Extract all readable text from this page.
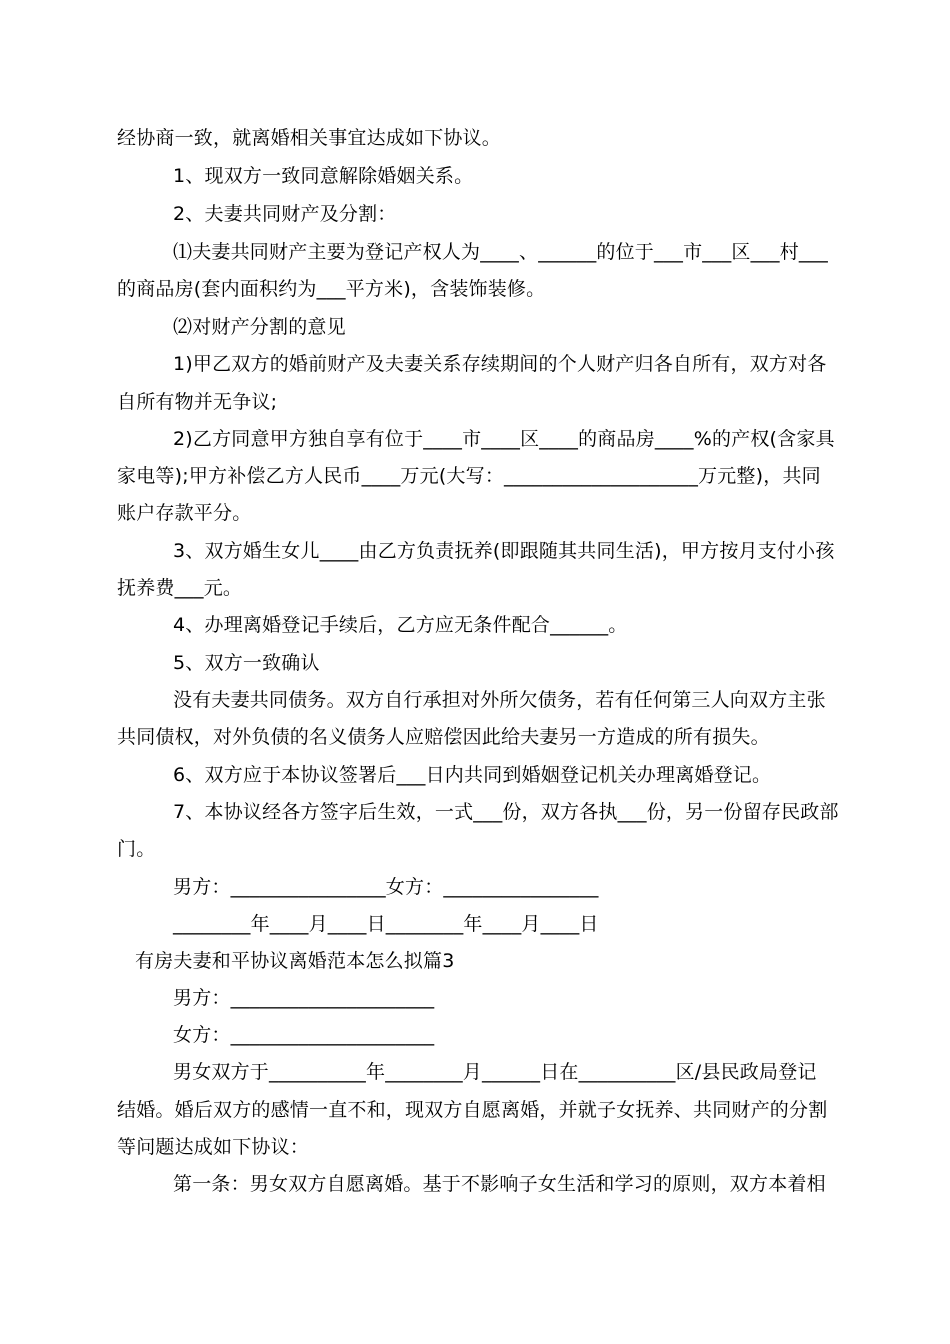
经协商一致，就离婚相关事宜达成如下协议。
1、现双方一致同意解除婚姻关系。
2、夫妻共同财产及分割：
⑴夫妻共同财产主要为登记产权人为____、______的位于___市___区___村___
的商品房(套内面积约为___平方米)，含装饰装修。
⑵对财产分割的意见
1)甲乙双方的婚前财产及夫妻关系存续期间的个人财产归各自所有，双方对各
自所有物并无争议;
2)乙方同意甲方独自享有位于____市____区____的商品房____%的产权(含家具
家电等);甲方补偿乙方人民币____万元(大写：____________________万元整)，共同
账户存款平分。
3、双方婚生女儿____由乙方负责抚养(即跟随其共同生活)，甲方按月支付小孩
抚养费___元。
4、办理离婚登记手续后，乙方应无条件配合______。
5、双方一致确认
没有夫妻共同债务。双方自行承担对外所欠债务，若有任何第三人向双方主张
共同债权，对外负债的名义债务人应赔偿因此给夫妻另一方造成的所有损失。
6、双方应于本协议签署后___日内共同到婚姻登记机关办理离婚登记。
7、本协议经各方签字后生效，一式___份，双方各执___份，另一份留存民政部
门。
男方：________________女方：________________
________年____月____日________年____月____日
有房夫妻和平协议离婚范本怎么拟篇3
男方：_____________________
女方：_____________________
男女双方于__________年________月______日在__________区/县民政局登记
结婚。婚后双方的感情一直不和，现双方自愿离婚，并就子女抚养、共同财产的分割
等问题达成如下协议：
第一条：男女双方自愿离婚。基于不影响子女生活和学习的原则，双方本着相
